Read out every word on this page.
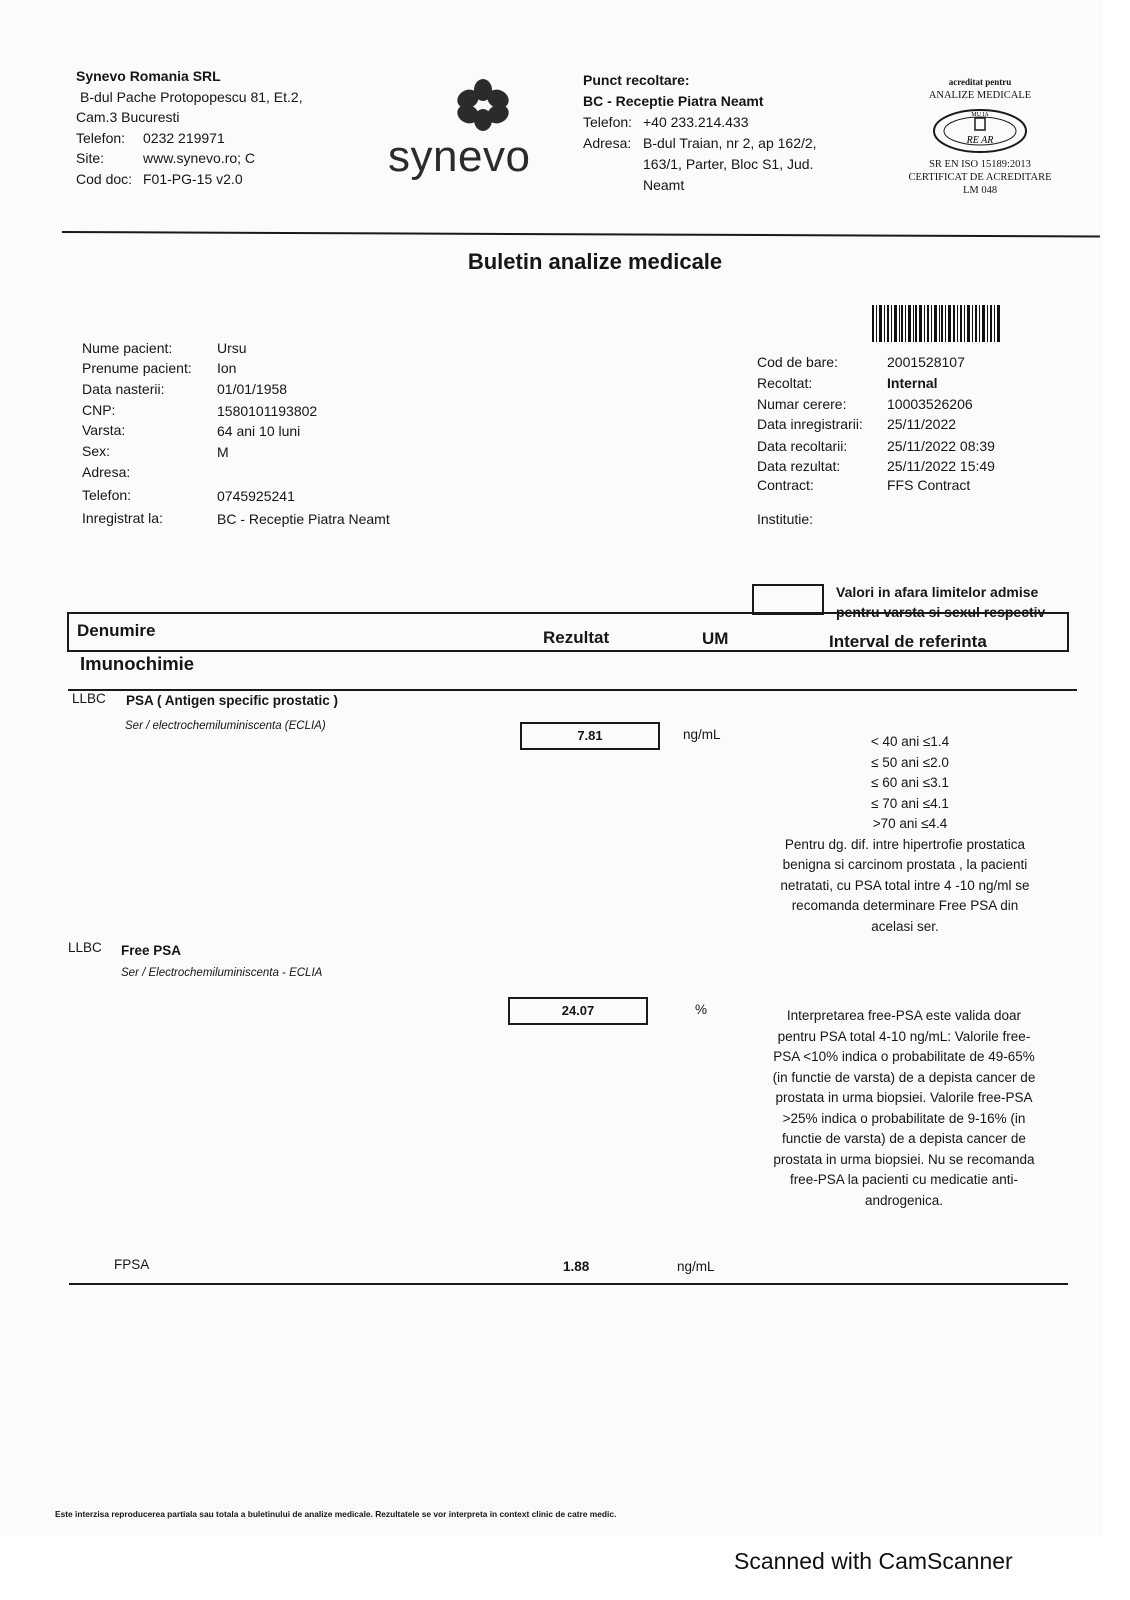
Synevo Romania SRL
B-dul Pache Protopopescu 81, Et.2,
Cam.3 Bucuresti
Telefon: 0232 219971
Site:	www.synevo.ro; C
Cod doc: F01-PG-15 v2.0	synevo
Punct recoltare:
BC - Receptie Piatra Neamt
Telefon: +40 233.214.433
Adresa: B-dul Traian, nr 2, ap 162/2,
163/1, Parter, Bloc S1, Jud.
Neamt
acreditat pentru
ANALIZE MEDICALE
MU IA
RE AR
SR EN ISO 15189:2013
CERTIFICAT DE ACREDITARE
LM 048
Buletin analize medicale
Nume pacient:	Ursu
Prenume pacient: Ion
Data nasterii:	01/01/1958
CNP:	1580101193802
Varsta:	64 ani 10 luni
Sex:	M
Adresa:
Telefon:	0745925241
Inregistrat la:	BC - Receptie Piatra Neamt
Cod de bare:	2001528107
Recoltat:	Internal
Numar cerere:	10003526206
Data inregistrarii: 25/11/2022
Data recoltarii:	25/11/2022 08:39
Data rezultat:	25/11/2022 15:49
Contract:	FFS Contract
Institutie:
Valori in afara limitelor admise
pentru varsta si sexul respectiv
Denumire	Rezultat	UM	Interval de referinta
Imunochimie
LLBC PSA ( Antigen specific prostatic )
Ser / electrochemiluminiscenta (ECLIA)
7.81	ng/mL	< 40 ani ≤1.4
≤ 50 ani ≤2.0
≤ 60 ani ≤3.1
≤ 70 ani ≤4.1
>70 ani ≤4.4
Pentru dg. dif. intre hipertrofie prostatica benigna si carcinom prostata , la pacienti netratati, cu PSA total intre 4 -10 ng/ml se recomanda determinare Free PSA din acelasi ser.
LLBC Free PSA
Ser / Electrochemiluminiscenta - ECLIA
24.07	%	Interpretarea free-PSA este valida doar pentru PSA total 4-10 ng/mL: Valorile free-PSA <10% indica o probabilitate de 49-65% (in functie de varsta) de a depista cancer de prostata in urma biopsiei. Valorile free-PSA >25% indica o probabilitate de 9-16% (in functie de varsta) de a depista cancer de prostata in urma biopsiei. Nu se recomanda free-PSA la pacienti cu medicatie anti-androgenica.
FPSA	1.88	ng/mL
Este interzisa reproducerea partiala sau totala a buletinului de analize medicale. Rezultatele se vor interpreta in context clinic de catre medic.
Scanned with CamScanner
